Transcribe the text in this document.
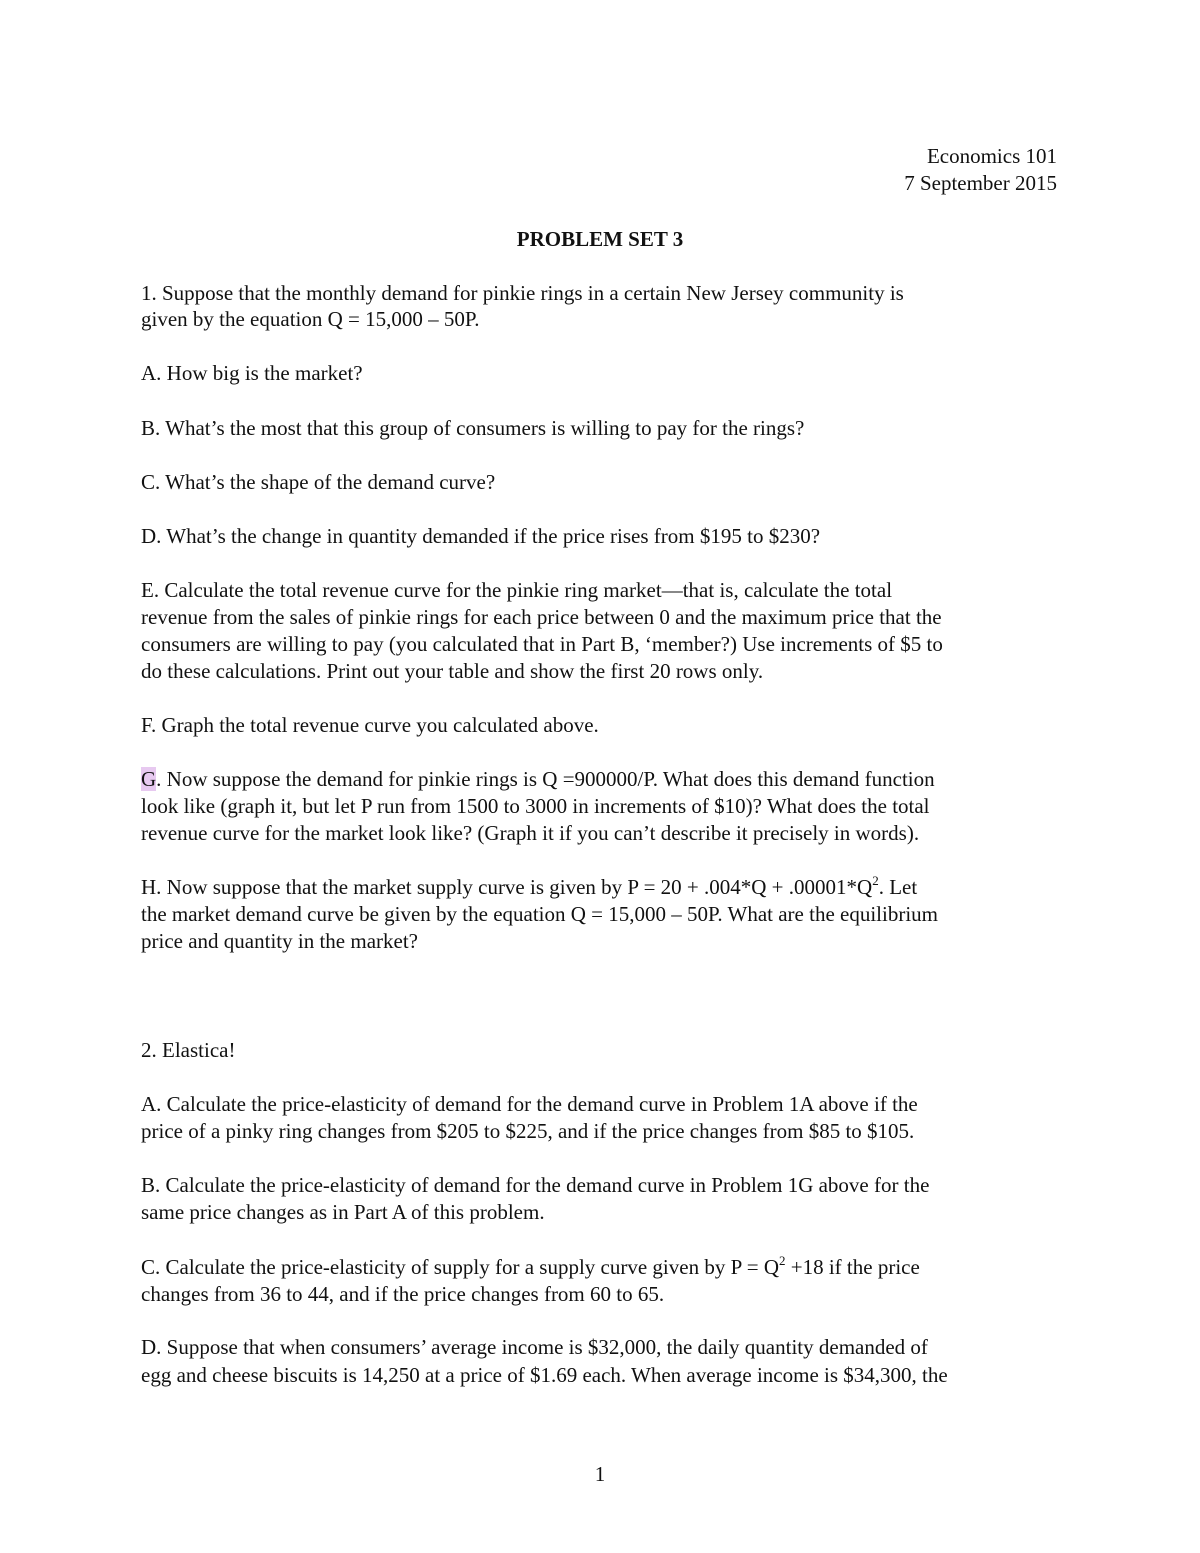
Economics 101
7 September 2015
PROBLEM SET 3
1. Suppose that the monthly demand for pinkie rings in a certain New Jersey community is
given by the equation Q = 15,000 – 50P.
A. How big is the market?
B. What’s the most that this group of consumers is willing to pay for the rings?
C. What’s the shape of the demand curve?
D. What’s the change in quantity demanded if the price rises from $195 to $230?
E. Calculate the total revenue curve for the pinkie ring market—that is, calculate the total
revenue from the sales of pinkie rings for each price between 0 and the maximum price that the
consumers are willing to pay (you calculated that in Part B, ‘member?) Use increments of $5 to
do these calculations. Print out your table and show the first 20 rows only.
F. Graph the total revenue curve you calculated above.
G. Now suppose the demand for pinkie rings is Q =900000/P. What does this demand function
look like (graph it, but let P run from 1500 to 3000 in increments of $10)? What does the total
revenue curve for the market look like? (Graph it if you can’t describe it precisely in words).
H. Now suppose that the market supply curve is given by $P = 20 + .004*Q + .00001*Q^2$. Let
the market demand curve be given by the equation Q = 15,000 – 50P. What are the equilibrium
price and quantity in the market?
2. Elastica!
A. Calculate the price-elasticity of demand for the demand curve in Problem 1A above if the
price of a pinky ring changes from $205 to $225, and if the price changes from $85 to $105.
B. Calculate the price-elasticity of demand for the demand curve in Problem 1G above for the
same price changes as in Part A of this problem.
C. Calculate the price-elasticity of supply for a supply curve given by $P = Q^2 +18$ if the price
changes from 36 to 44, and if the price changes from 60 to 65.
D. Suppose that when consumers’ average income is $32,000, the daily quantity demanded of
egg and cheese biscuits is 14,250 at a price of $1.69 each. When average income is $34,300, the
1
